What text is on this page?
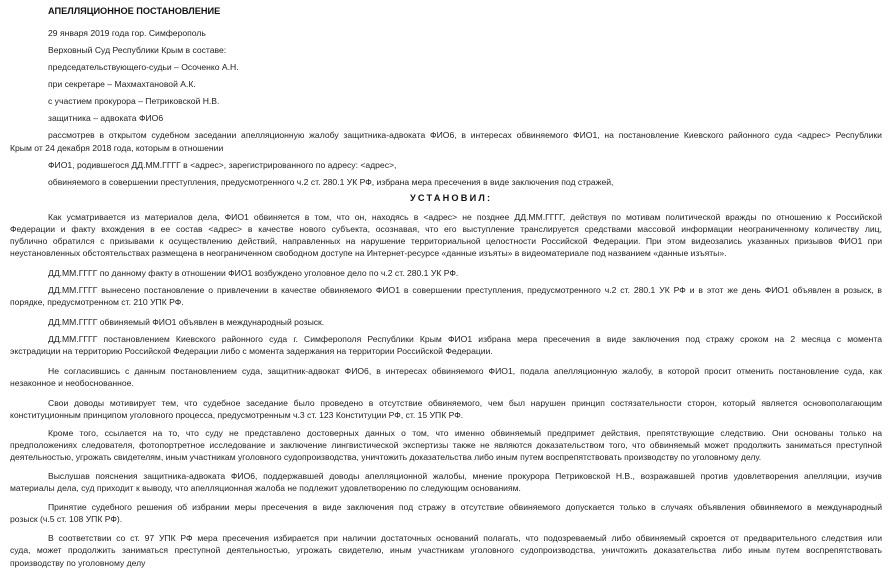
АПЕЛЛЯЦИОННОЕ ПОСТАНОВЛЕНИЕ
29 января 2019 года гор. Симферополь
Верховный Суд Республики Крым в составе:
председательствующего-судьи – Осоченко А.Н.
при секретаре – Махмахтановой А.К.
с участием прокурора – Петриковской Н.В.
защитника – адвоката ФИО6
рассмотрев в открытом судебном заседании апелляционную жалобу защитника-адвоката ФИО6, в интересах обвиняемого ФИО1, на постановление Киевского районного суда <адрес> Республики
Крым от 24 декабря 2018 года, которым в отношении
ФИО1, родившегося ДД.ММ.ГГГГ в <адрес>, зарегистрированного по адресу: <адрес>,
обвиняемого в совершении преступления, предусмотренного ч.2 ст. 280.1 УК РФ, избрана мера пресечения в виде заключения под стражей,
УСТАНОВИЛ:
Как усматривается из материалов дела, ФИО1 обвиняется в том, что он, находясь в <адрес> не позднее ДД.ММ.ГГГГ, действуя по мотивам политической вражды по отношению к Российской
Федерации и факту вхождения в ее состав <адрес> в качестве нового субъекта, осознавая, что его выступление транслируется средствами массовой информации неограниченному количеству лиц,
публично обратился с призывами к осуществлению действий, направленных на нарушение территориальной целостности Российской Федерации. При этом видеозапись указанных призывов ФИО1 при
неустановленных обстоятельствах размещена в неограниченном свободном доступе на Интернет-ресурсе «данные изъяты» в видеоматериале под названием «данные изъяты».
ДД.ММ.ГГГГ по данному факту в отношении ФИО1 возбуждено уголовное дело по ч.2 ст. 280.1 УК РФ.
ДД.ММ.ГГГГ вынесено постановление о привлечении в качестве обвиняемого ФИО1 в совершении преступления, предусмотренного ч.2 ст. 280.1 УК РФ и в этот же день ФИО1 объявлен в розыск, в
порядке, предусмотренном ст. 210 УПК РФ.
ДД.ММ.ГГГГ обвиняемый ФИО1 объявлен в международный розыск.
ДД.ММ.ГГГГ постановлением Киевского районного суда г. Симферополя Республики Крым ФИО1 избрана мера пресечения в виде заключения под стражу сроком на 2 месяца с момента
экстрадиции на территорию Российской Федерации либо с момента задержания на территории Российской Федерации.
Не согласившись с данным постановлением суда, защитник-адвокат ФИО6, в интересах обвиняемого ФИО1, подала апелляционную жалобу, в которой просит отменить постановление суда, как
незаконное и необоснованное.
Свои доводы мотивирует тем, что судебное заседание было проведено в отсутствие обвиняемого, чем был нарушен принцип состязательности сторон, который является основополагающим
конституционным принципом уголовного процесса, предусмотренным ч.3 ст. 123 Конституции РФ, ст. 15 УПК РФ.
Кроме того, ссылается на то, что суду не представлено достоверных данных о том, что именно обвиняемый предпримет действия, препятствующие следствию. Они основаны только на
предположениях следователя, фотопортретное исследование и заключение лингвистической экспертизы также не являются доказательством того, что обвиняемый может продолжить заниматься преступной
деятельностью, угрожать свидетелям, иным участникам уголовного судопроизводства, уничтожить доказательства либо иным путем воспрепятствовать производству по уголовному делу.
Выслушав пояснения защитника-адвоката ФИО6, поддержавшей доводы апелляционной жалобы, мнение прокурора Петриковской Н.В., возражавшей против удовлетворения апелляции, изучив
материалы дела, суд приходит к выводу, что апелляционная жалоба не подлежит удовлетворению по следующим основаниям.
Принятие судебного решения об избрании меры пресечения в виде заключения под стражу в отсутствие обвиняемого допускается только в случаях объявления обвиняемого в международный
розыск (ч.5 ст. 108 УПК РФ).
В соответствии со ст. 97 УПК РФ мера пресечения избирается при наличии достаточных оснований полагать, что подозреваемый либо обвиняемый скроется от предварительного следствия или
суда, может продолжить заниматься преступной деятельностью, угрожать свидетелю, иным участникам уголовного судопроизводства, уничтожить доказательства либо иным путем воспрепятствовать
производству по уголовному делу
